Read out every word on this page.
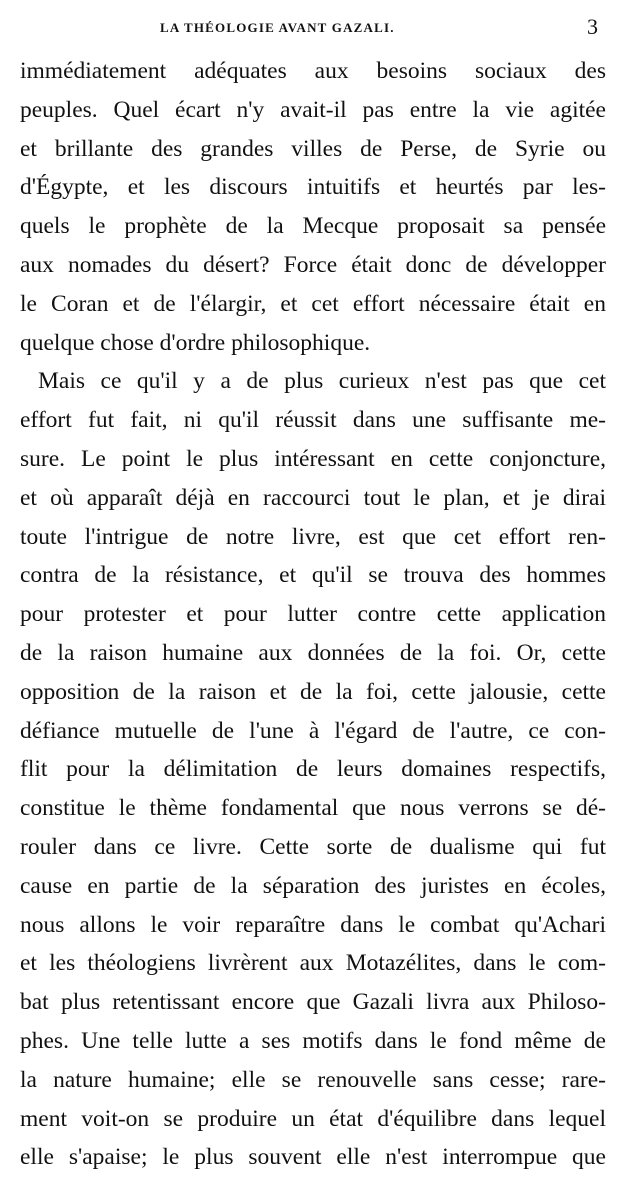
LA THÉOLOGIE AVANT GAZALI.	3
immédiatement adéquates aux besoins sociaux des
peuples. Quel écart n'y avait-il pas entre la vie agitée
et brillante des grandes villes de Perse, de Syrie ou
d'Égypte, et les discours intuitifs et heurtés par les-
quels le prophète de la Mecque proposait sa pensée
aux nomades du désert? Force était donc de développer
le Coran et de l'élargir, et cet effort nécessaire était en
quelque chose d'ordre philosophique.
Mais ce qu'il y a de plus curieux n'est pas que cet
effort fut fait, ni qu'il réussit dans une suffisante me-
sure. Le point le plus intéressant en cette conjoncture,
et où apparaît déjà en raccourci tout le plan, et je dirai
toute l'intrigue de notre livre, est que cet effort ren-
contra de la résistance, et qu'il se trouva des hommes
pour protester et pour lutter contre cette application
de la raison humaine aux données de la foi. Or, cette
opposition de la raison et de la foi, cette jalousie, cette
défiance mutuelle de l'une à l'égard de l'autre, ce con-
flit pour la délimitation de leurs domaines respectifs,
constitue le thème fondamental que nous verrons se dé-
rouler dans ce livre. Cette sorte de dualisme qui fut
cause en partie de la séparation des juristes en écoles,
nous allons le voir reparaître dans le combat qu'Achari
et les théologiens livrèrent aux Motazélites, dans le com-
bat plus retentissant encore que Gazali livra aux Philoso-
phes. Une telle lutte a ses motifs dans le fond même de
la nature humaine; elle se renouvelle sans cesse; rare-
ment voit-on se produire un état d'équilibre dans lequel
elle s'apaise; le plus souvent elle n'est interrompue que
